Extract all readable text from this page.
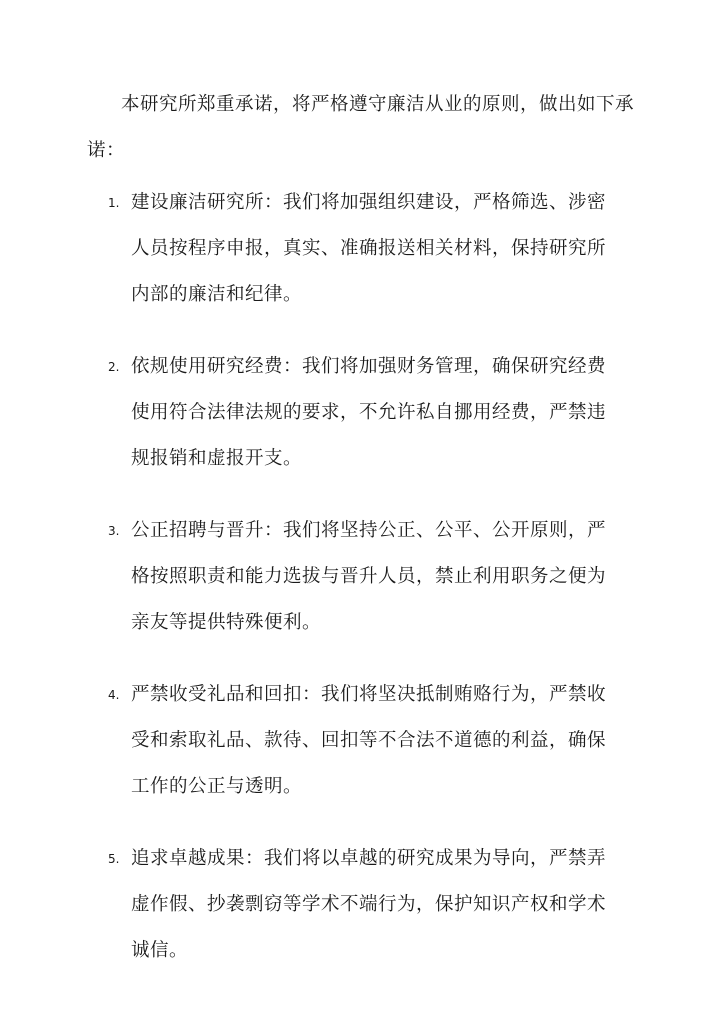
本研究所郑重承诺，将严格遵守廉洁从业的原则，做出如下承诺：

1. 建设廉洁研究所：我们将加强组织建设，严格筛选、涉密人员按程序申报，真实、准确报送相关材料，保持研究所内部的廉洁和纪律。
2. 依规使用研究经费：我们将加强财务管理，确保研究经费使用符合法律法规的要求，不允许私自挪用经费，严禁违规报销和虚报开支。
3. 公正招聘与晋升：我们将坚持公正、公平、公开原则，严格按照职责和能力选拔与晋升人员，禁止利用职务之便为亲友等提供特殊便利。
4. 严禁收受礼品和回扣：我们将坚决抵制贿赂行为，严禁收受和索取礼品、款待、回扣等不合法不道德的利益，确保工作的公正与透明。
5. 追求卓越成果：我们将以卓越的研究成果为导向，严禁弄虚作假、抄袭剽窃等学术不端行为，保护知识产权和学术诚信。
